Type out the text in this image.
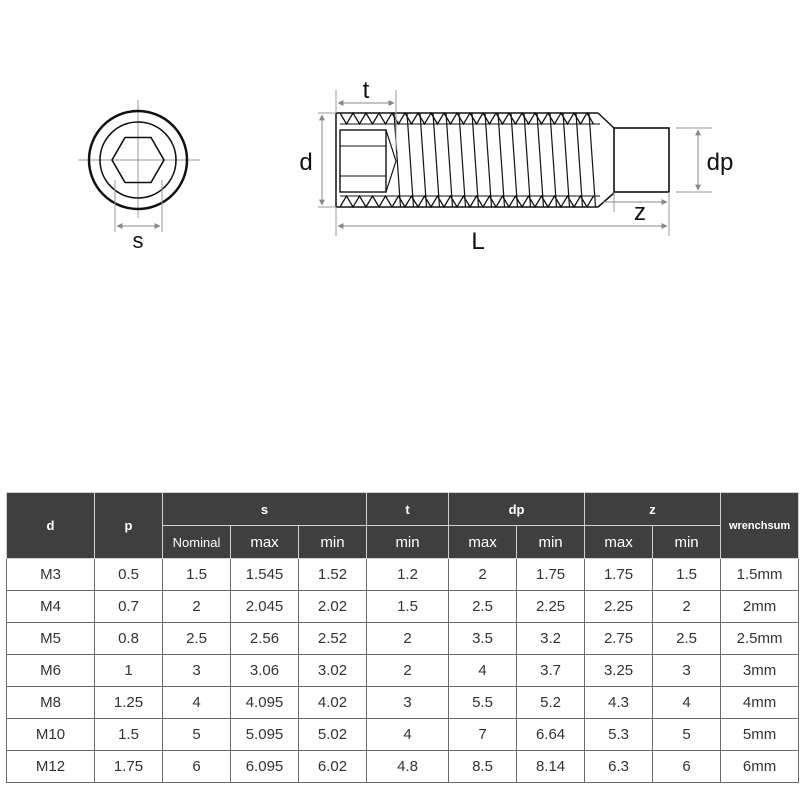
s
t
d	dp
z
L
d	p	s			t	dp		z		wrenchsum
		Nominal	max	min	min	max	min	max	min	
M3	0.5	1.5	1.545	1.52	1.2	2	1.75	1.75	1.5	1.5mm
M4	0.7	2	2.045	2.02	1.5	2.5	2.25	2.25	2	2mm
M5	0.8	2.5	2.56	2.52	2	3.5	3.2	2.75	2.5	2.5mm
M6	1	3	3.06	3.02	2	4	3.7	3.25	3	3mm
M8	1.25	4	4.095	4.02	3	5.5	5.2	4.3	4	4mm
M10	1.5	5	5.095	5.02	4	7	6.64	5.3	5	5mm
M12	1.75	6	6.095	6.02	4.8	8.5	8.14	6.3	6	6mm
